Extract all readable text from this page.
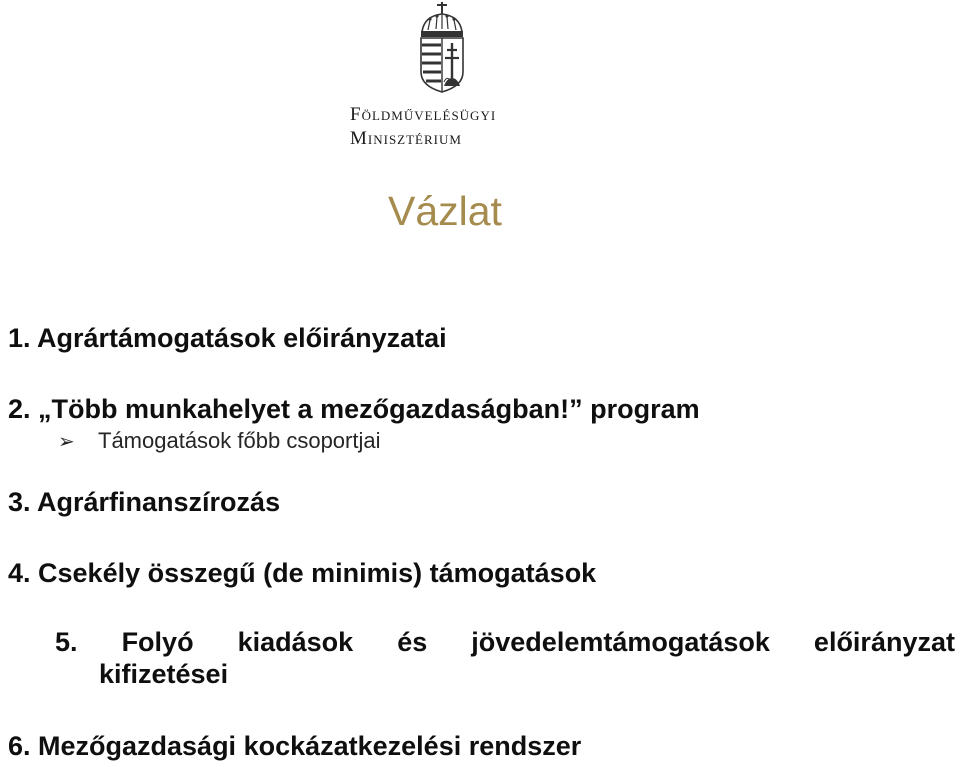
Földművelésügyi
Minisztérium
Vázlat
1. Agrártámogatások előirányzatai
2. „Több munkahelyet a mezőgazdaságban!” program
➢ Támogatások főbb csoportjai
3. Agrárfinanszírozás
4. Csekély összegű (de minimis) támogatások
5. Folyó kiadások és jövedelemtámogatások előirányzat
kifizetései
6. Mezőgazdasági kockázatkezelési rendszer
